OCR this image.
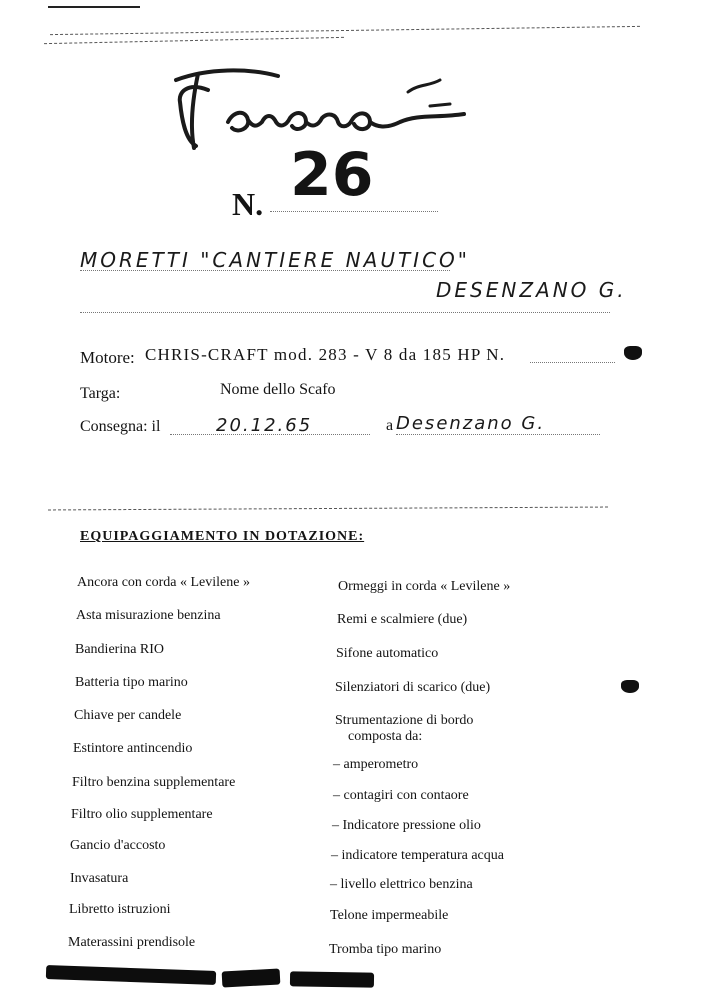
N. 26
MORETTI "CANTIERE NAUTICO"
DESENZANO G.
Motore: CHRIS-CRAFT mod. 283 - V 8 da 185 HP N.
Targa:	Nome dello Scafo
Consegna: il	20.12.65	a Desenzano G.
EQUIPAGGIAMENTO IN DOTAZIONE:
Ancora con corda « Levilene »
Asta misurazione benzina
Bandierina RIO
Batteria tipo marino
Chiave per candele
Estintore antincendio
Filtro benzina supplementare
Filtro olio supplementare
Gancio d'accosto
Invasatura
Libretto istruzioni
Materassini prendisole
Ormeggi in corda « Levilene »
Remi e scalmiere (due)
Sifone automatico
Silenziatori di scarico (due)
Strumentazione di bordo
composta da:
– amperometro
– contagiri con contaore
– Indicatore pressione olio
– indicatore temperatura acqua
– livello elettrico benzina
Telone impermeabile
Tromba tipo marino
